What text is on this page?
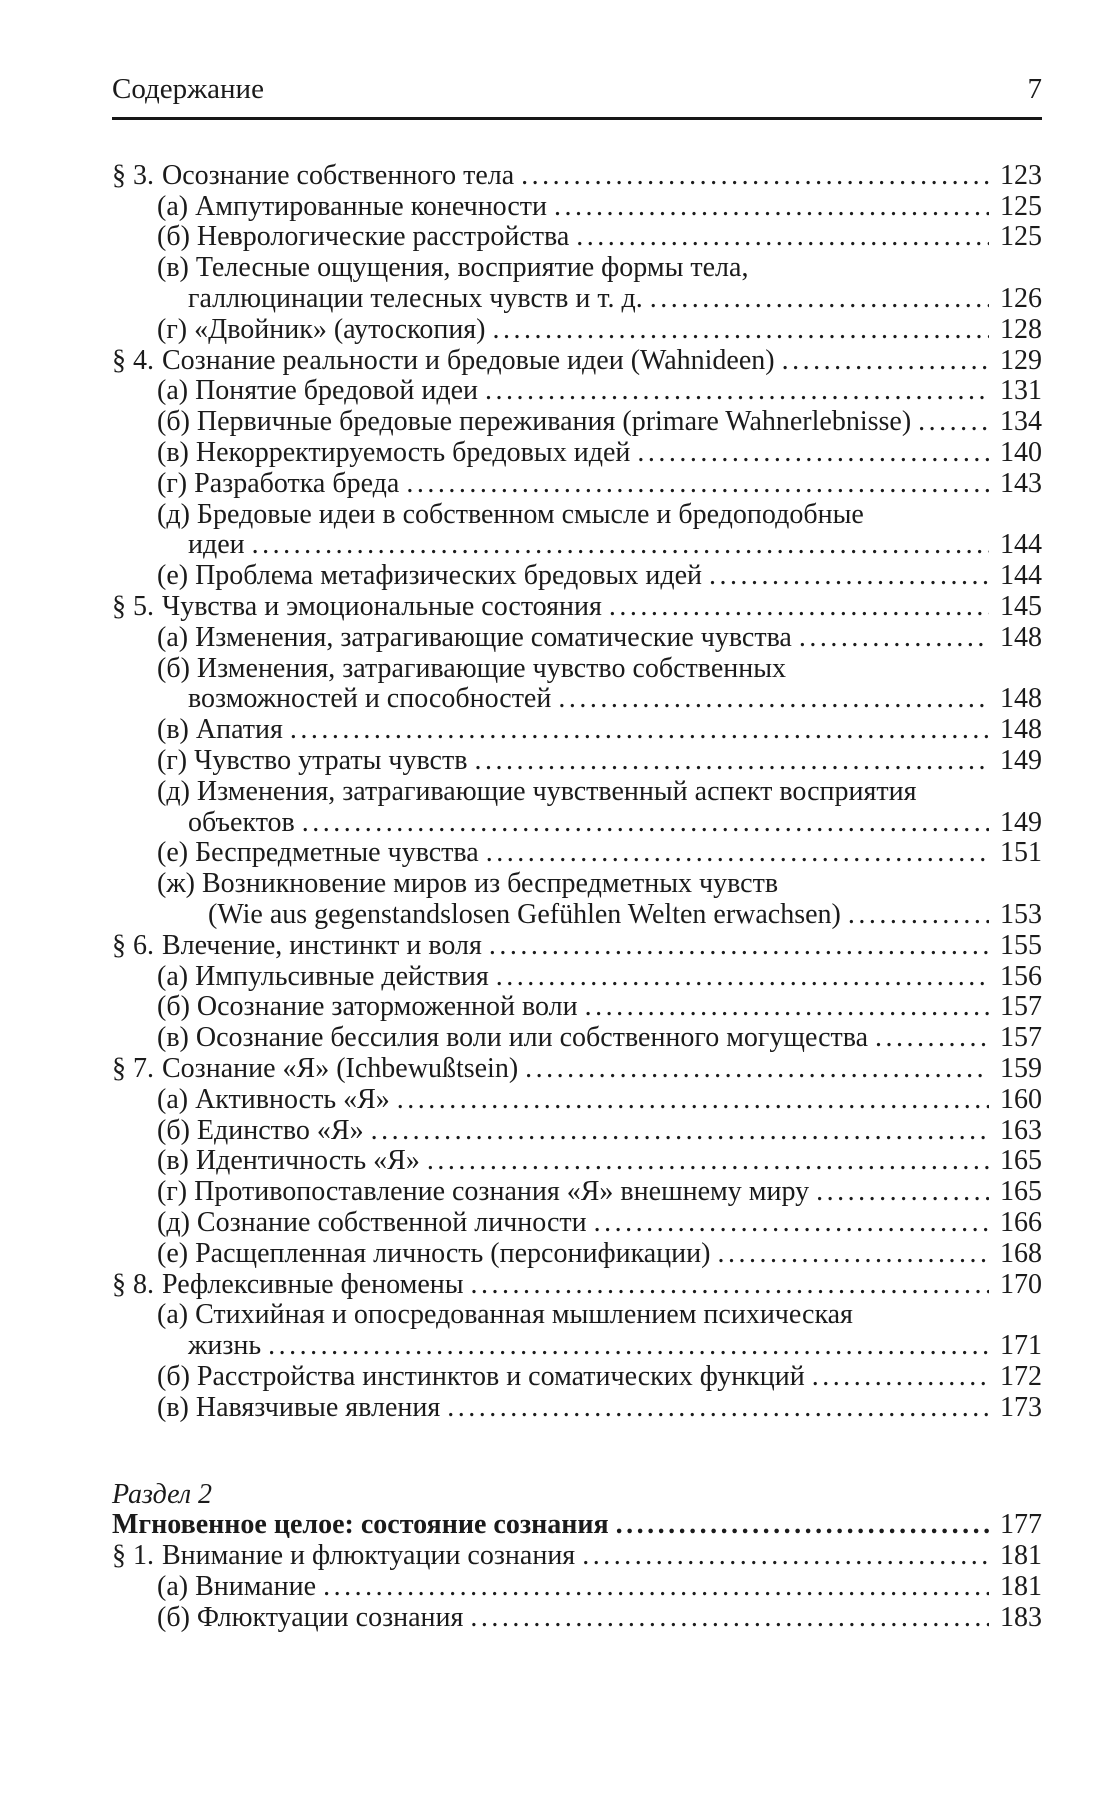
Содержание	7
§ 3. Осознание собственного тела .....	123
(а) Ампутированные конечности .....	125
(б) Неврологические расстройства .....	125
(в) Телесные ощущения, восприятие формы тела,
галлюцинации телесных чувств и т. д. .....	126
(г) «Двойник» (аутоскопия) .....	128
§ 4. Сознание реальности и бредовые идеи (Wahnideen) .....	129
(а) Понятие бредовой идеи .....	131
(б) Первичные бредовые переживания (primare Wahnerlebnisse) .....	134
(в) Некорректируемость бредовых идей .....	140
(г) Разработка бреда .....	143
(д) Бредовые идеи в собственном смысле и бредоподобные
идеи .....	144
(е) Проблема метафизических бредовых идей .....	144
§ 5. Чувства и эмоциональные состояния .....	145
(а) Изменения, затрагивающие соматические чувства .....	148
(б) Изменения, затрагивающие чувство собственных
возможностей и способностей .....	148
(в) Апатия .....	148
(г) Чувство утраты чувств .....	149
(д) Изменения, затрагивающие чувственный аспект восприятия
объектов .....	149
(е) Беспредметные чувства .....	151
(ж) Возникновение миров из беспредметных чувств
(Wie aus gegenstandslosen Gefühlen Welten erwachsen) .....	153
§ 6. Влечение, инстинкт и воля .....	155
(а) Импульсивные действия .....	156
(б) Осознание заторможенной воли .....	157
(в) Осознание бессилия воли или собственного могущества .....	157
§ 7. Сознание «Я» (Ichbewußtsein) .....	159
(а) Активность «Я» .....	160
(б) Единство «Я» .....	163
(в) Идентичность «Я» .....	165
(г) Противопоставление сознания «Я» внешнему миру .....	165
(д) Сознание собственной личности .....	166
(е) Расщепленная личность (персонификации) .....	168
§ 8. Рефлексивные феномены .....	170
(а) Стихийная и опосредованная мышлением психическая
жизнь .....	171
(б) Расстройства инстинктов и соматических функций .....	172
(в) Навязчивые явления .....	173
Раздел 2
Мгновенное целое: состояние сознания .....	177
§ 1. Внимание и флюктуации сознания .....	181
(а) Внимание .....	181
(б) Флюктуации сознания .....	183
